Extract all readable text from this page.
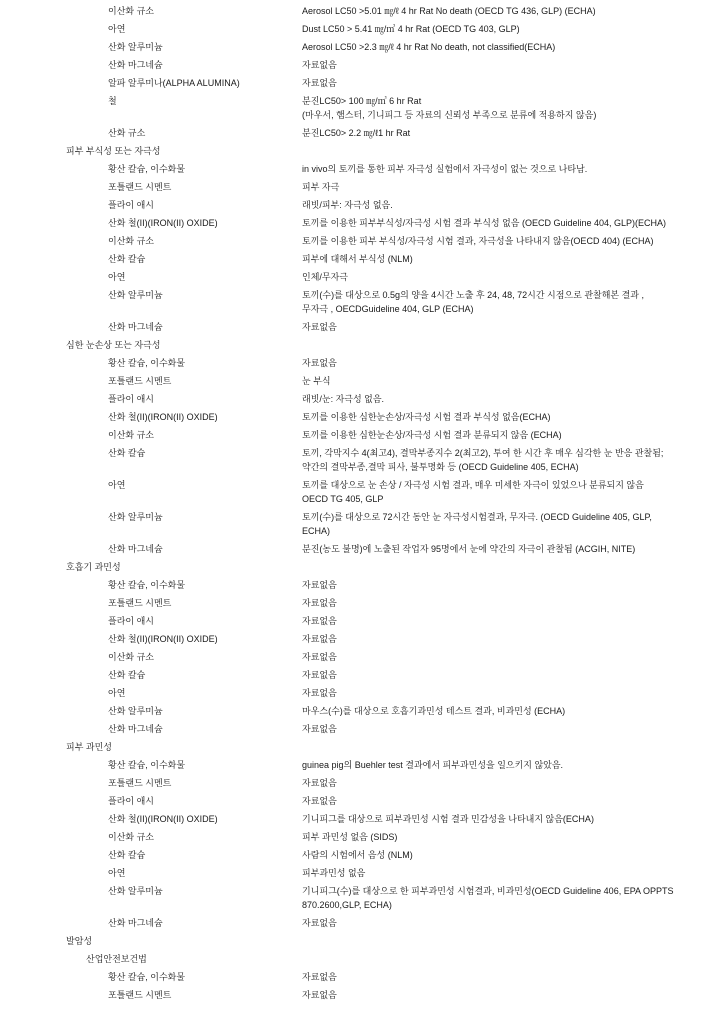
이산화 규소	Aerosol LC50 >5.01 ㎎/ℓ 4 hr Rat No death (OECD TG 436, GLP) (ECHA)
아연	Dust LC50 > 5.41 ㎎/㎥ 4 hr Rat (OECD TG 403, GLP)
산화 알루미늄	Aerosol LC50 >2.3 ㎎/ℓ 4 hr Rat No death, not classified(ECHA)
산화 마그네슘	자료없음
알파 알루미나(ALPHA ALUMINA)	자료없음
철	분진LC50> 100 ㎎/㎥ 6 hr Rat
(마우서, 햄스터, 기니피그 등 자료의 신뢰성 부족으로 분류에 적용하지 않음)
산화 규소	분진LC50> 2.2 ㎎/ℓ1 hr Rat
피부 부식성 또는 자극성
황산 칼슘, 이수화물	in vivo의 토끼를 통한 피부 자극성 실험에서 자극성이 없는 것으로 나타남.
포틀랜드 시멘트	피부 자극
플라이 애시	래빗/피부: 자극성 없음.
산화 철(II)(IRON(II) OXIDE)	토끼를 이용한 피부부식성/자극성 시험 결과 부식성 없음 (OECD Guideline 404, GLP)(ECHA)
이산화 규소	토끼를 이용한 피부 부식성/자극성 시험 결과, 자극성을 나타내지 않음(OECD 404) (ECHA)
산화 칼슘	피부에 대해서 부식성 (NLM)
아연	인체/무자극
산화 알루미늄	토끼(수)를 대상으로 0.5g의 양을 4시간 노출 후 24, 48, 72시간 시점으로 관찰해본 결과 ,
무자극 , OECDGuideline 404, GLP (ECHA)
산화 마그네슘	자료없음
심한 눈손상 또는 자극성
황산 칼슘, 이수화물	자료없음
포틀랜드 시멘트	눈 부식
플라이 애시	래빗/눈: 자극성 없음.
산화 철(II)(IRON(II) OXIDE)	토끼를 이용한 심한눈손상/자극성 시험 결과 부식성 없음(ECHA)
이산화 규소	토끼를 이용한 심한눈손상/자극성 시험 결과 분류되지 않음 (ECHA)
산화 칼슘	토끼, 각막지수 4(최고4), 결막부종지수 2(최고2), 투여 한 시간 후 매우 심각한 눈 반응 관찰됨;
약간의 결막부종,결막 피사, 불투명화 등 (OECD Guideline 405, ECHA)
아연	토끼를 대상으로 눈 손상 / 자극성 시험 결과, 매우 미세한 자극이 있었으나 분류되지 않음
OECD TG 405, GLP
산화 알루미늄	토끼(수)를 대상으로 72시간 동안 눈 자극성시험결과, 무자극. (OECD Guideline 405, GLP,
ECHA)
산화 마그네슘	분진(농도 불명)에 노출된 작업자 95명에서 눈에 약간의 자극이 관찰됨 (ACGIH, NITE)
호흡기 과민성
황산 칼슘, 이수화물	자료없음
포틀랜드 시멘트	자료없음
플라이 애시	자료없음
산화 철(II)(IRON(II) OXIDE)	자료없음
이산화 규소	자료없음
산화 칼슘	자료없음
아연	자료없음
산화 알루미늄	마우스(수)를 대상으로 호흡기과민성 테스트 결과, 비과민성 (ECHA)
산화 마그네슘	자료없음
피부 과민성
황산 칼슘, 이수화물	guinea pig의 Buehler test 결과에서 피부과민성을 일으키지 않았음.
포틀랜드 시멘트	자료없음
플라이 애시	자료없음
산화 철(II)(IRON(II) OXIDE)	기니피그를 대상으로 피부과민성 시험 결과 민감성을 나타내지 않음(ECHA)
이산화 규소	피부 과민성 없음 (SIDS)
산화 칼슘	사람의 시험에서 음성 (NLM)
아연	피부과민성 없음
산화 알루미늄	기니피그(수)를 대상으로 한 피부과민성 시험결과, 비과민성(OECD Guideline 406, EPA OPPTS
870.2600,GLP, ECHA)
산화 마그네슘	자료없음
발암성
산업안전보건법
황산 칼슘, 이수화물	자료없음
포틀랜드 시멘트	자료없음
